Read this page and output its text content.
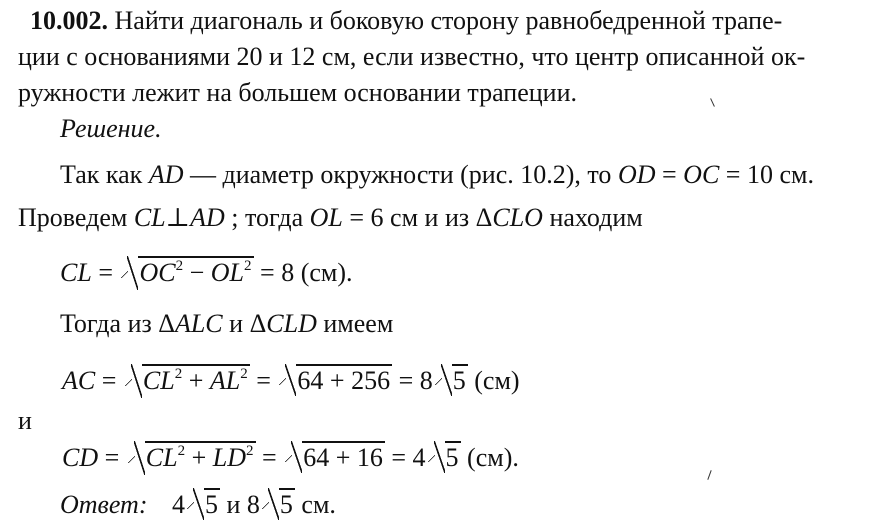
10.002. Найти диагональ и боковую сторону равнобедренной трапе-
ции с основаниями 20 и 12 см, если известно, что центр описанной ок-
ружности лежит на большем основании трапеции.
Решение.
Так как AD — диаметр окружности (рис. 10.2), то OD = OC = 10 см.
Проведем CL⊥AD ; тогда OL = 6 см и из ΔCLO находим
CL = $OC^2 - OL^2 = 8$ (см).
Тогда из ΔALC и ΔCLD имеем
AC = $CL^2 + AL^2 = 64 + 256 = 8$ 5 (см)
и
CD = $CL^2 + LD^2 = 64 + 16 = 4$ 5 (см).
Ответ: 4 5 и 8 5 см.
